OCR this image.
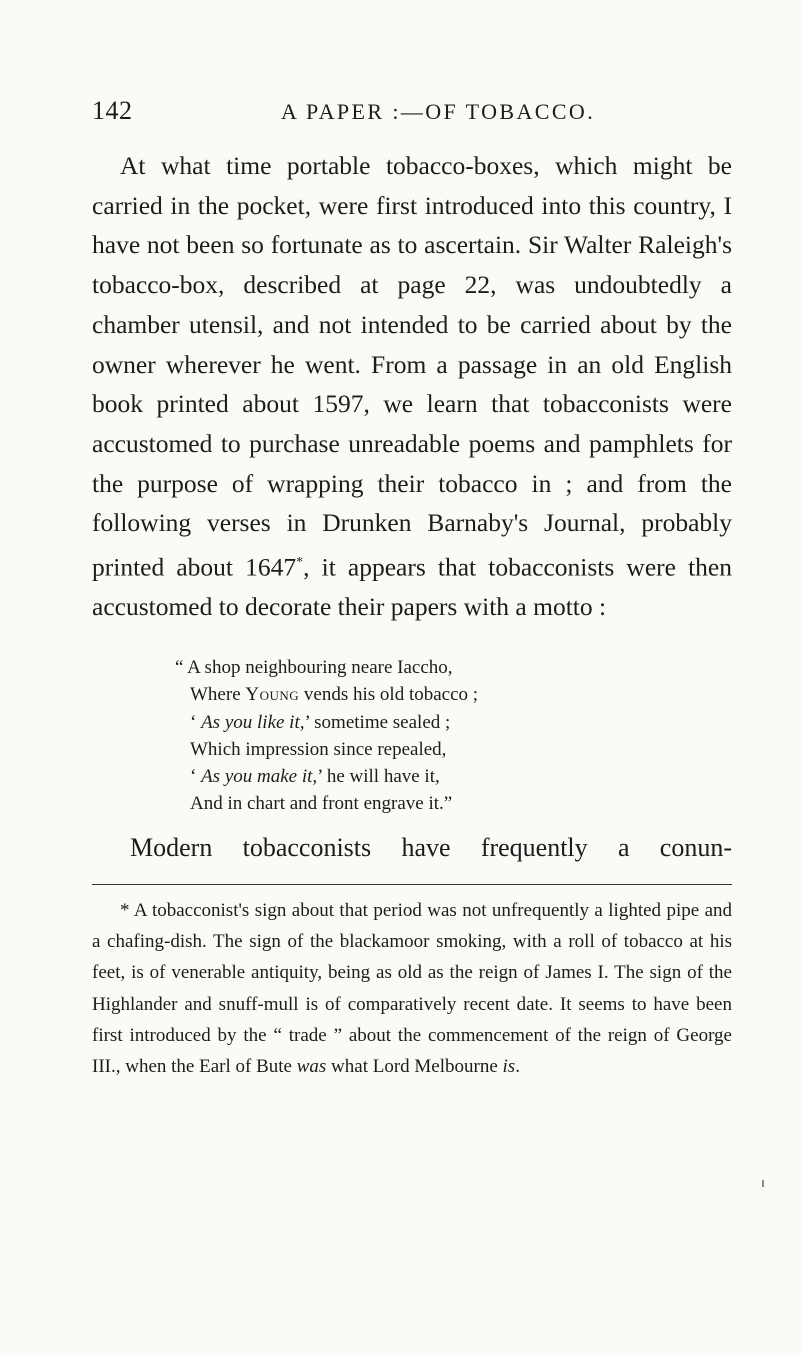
142	A PAPER :—OF TOBACCO.

At what time portable tobacco-boxes, which might be carried in the pocket, were first introduced into this country, I have not been so fortunate as to ascertain. Sir Walter Raleigh's tobacco-box, described at page 22, was undoubtedly a chamber utensil, and not intended to be carried about by the owner wherever he went. From a passage in an old English book printed about 1597, we learn that tobacconists were accustomed to purchase unreadable poems and pamphlets for the purpose of wrapping their tobacco in ; and from the following verses in Drunken Barnaby's Journal, probably printed about 1647*, it appears that tobacconists were then accustomed to decorate their papers with a motto :

“ A shop neighbouring neare Iaccho,
Where Young vends his old tobacco ;
‘ As you like it,’ sometime sealed ;
Which impression since repealed,
‘ As you make it,’ he will have it,
And in chart and front engrave it.”
Modern tobacconists have frequently a conun-

* A tobacconist's sign about that period was not unfrequently a lighted pipe and a chafing-dish. The sign of the blackamoor smoking, with a roll of tobacco at his feet, is of venerable antiquity, being as old as the reign of James I. The sign of the Highlander and snuff-mull is of comparatively recent date. It seems to have been first introduced by the “ trade ” about the commencement of the reign of George III., when the Earl of Bute was what Lord Melbourne is.
